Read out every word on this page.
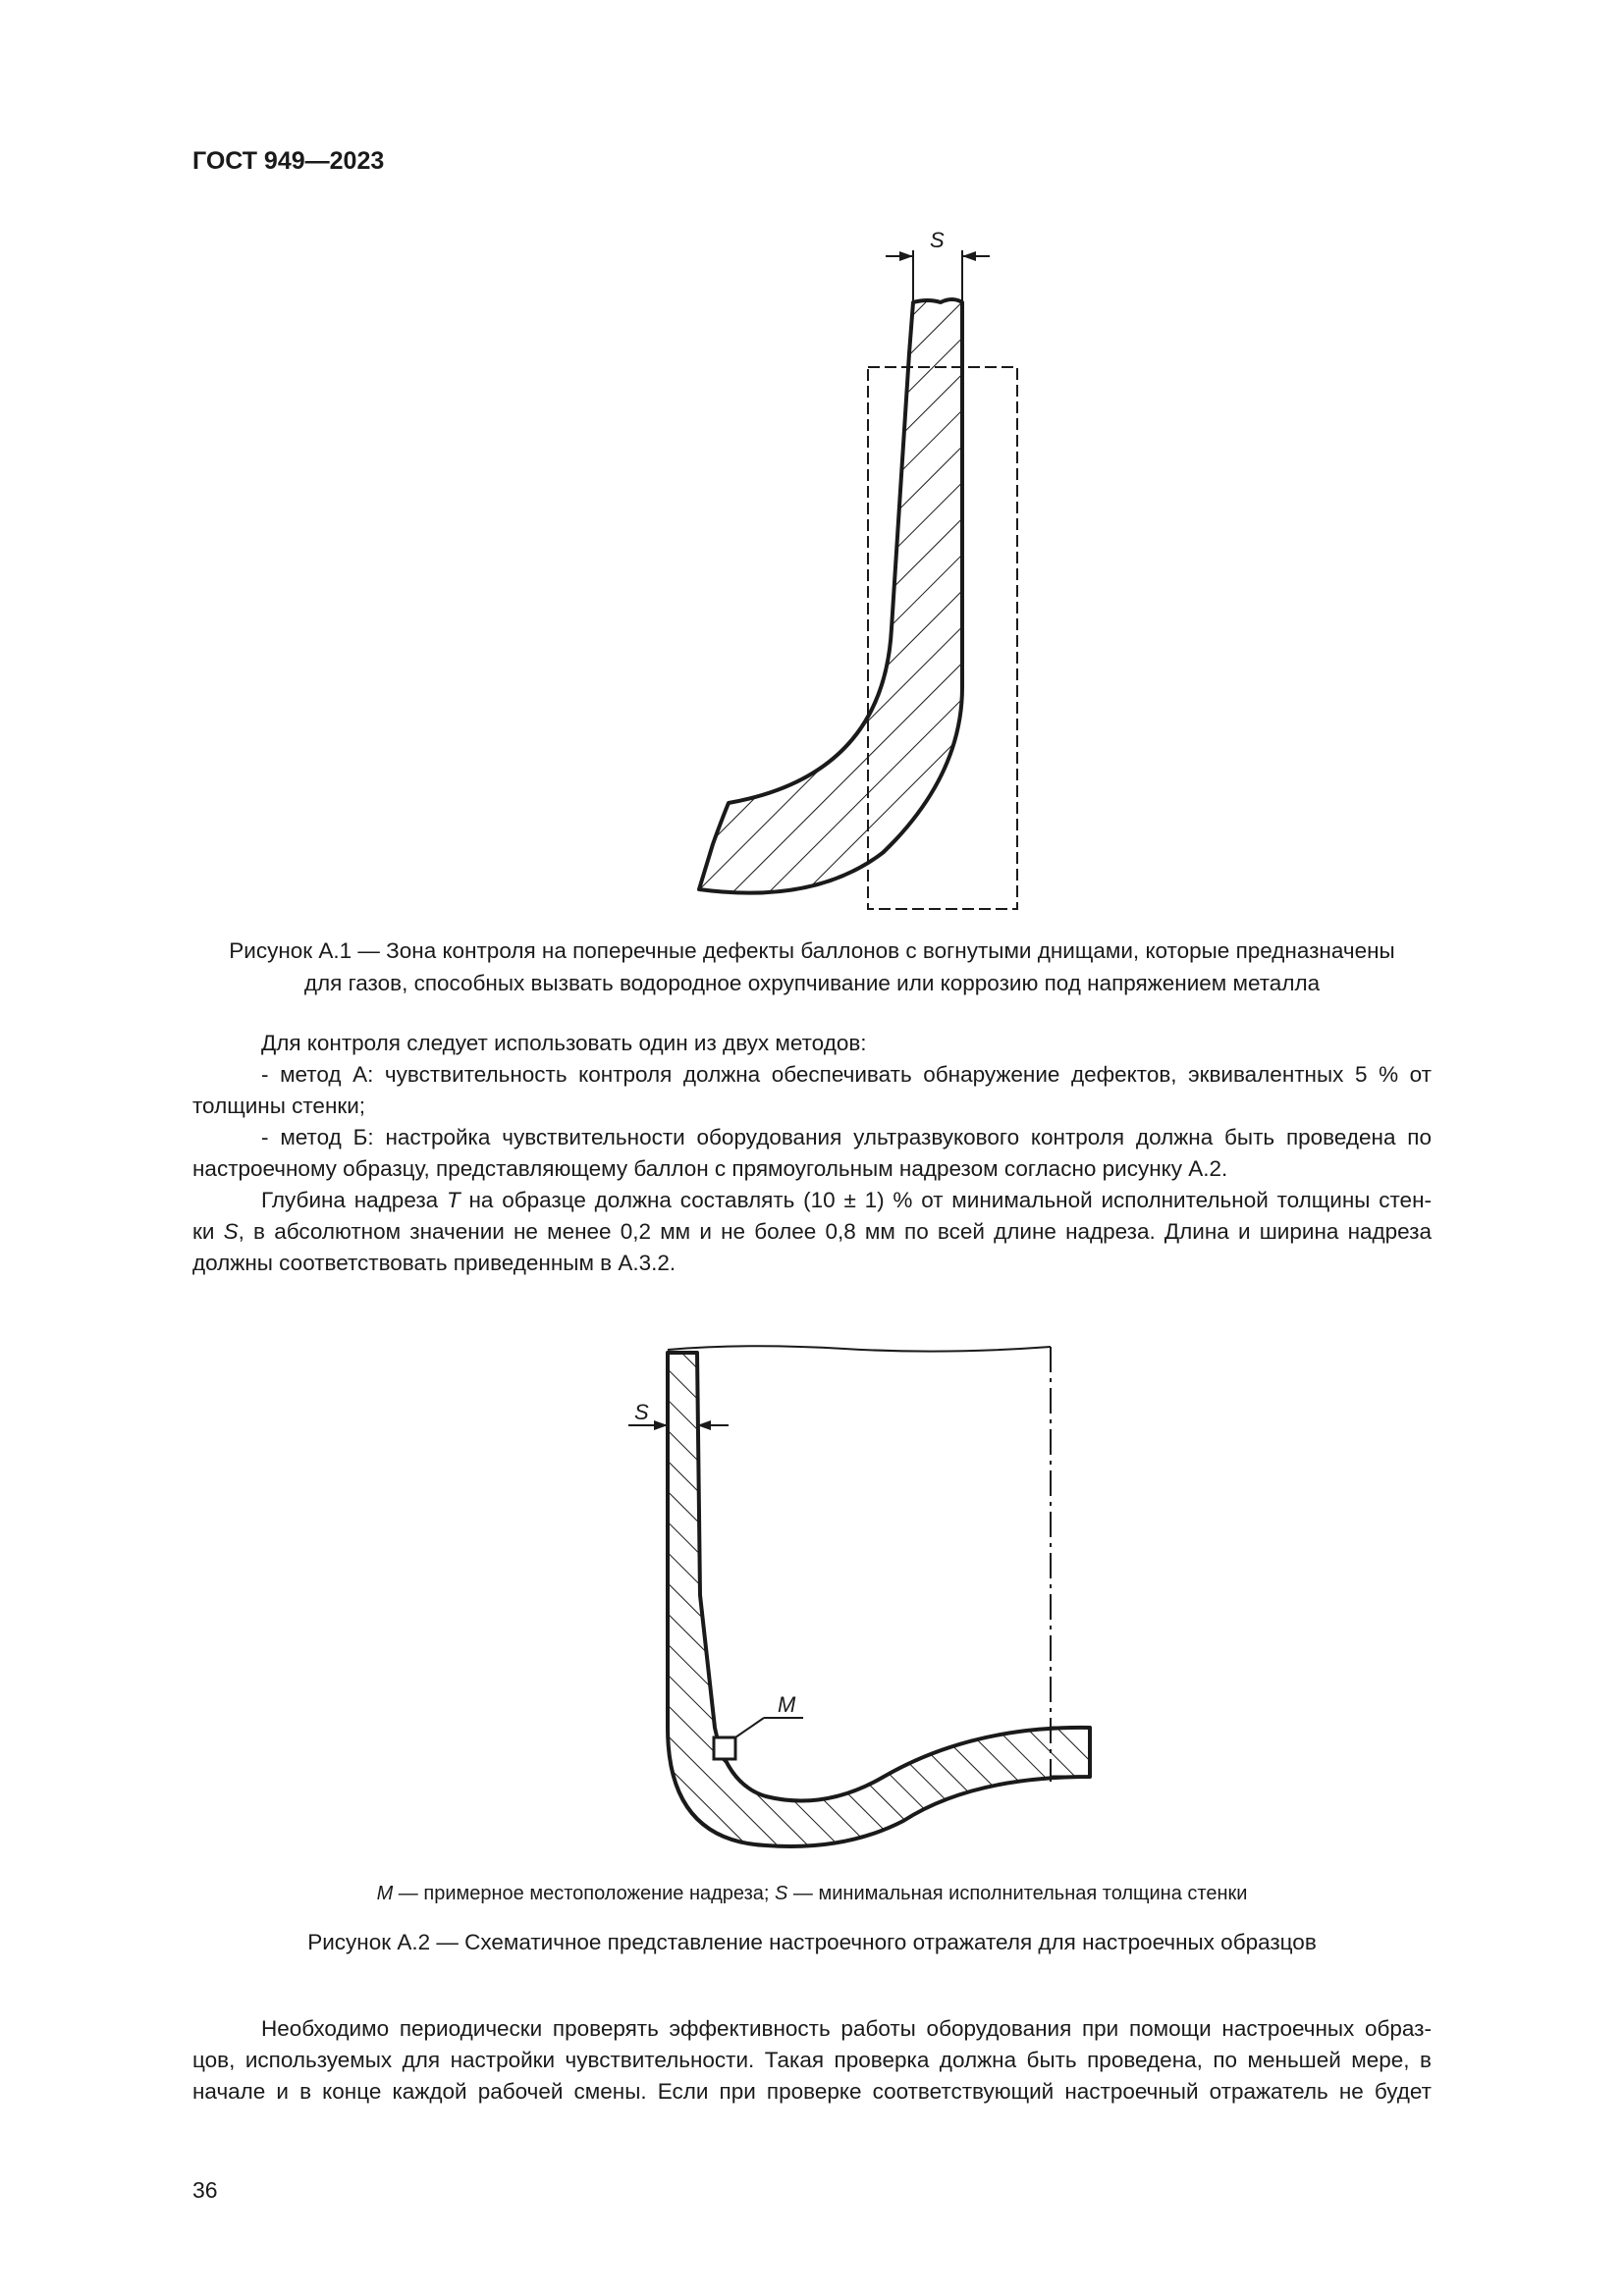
ГОСТ 949—2023
S
Рисунок А.1 — Зона контроля на поперечные дефекты баллонов с вогнутыми днищами, которые предназначены
для газов, способных вызвать водородное охрупчивание или коррозию под напряжением металла

Для контроля следует использовать один из двух методов:

- метод А: чувствительность контроля должна обеспечивать обнаружение дефектов, эквивалентных 5 % от

толщины стенки;

- метод Б: настройка чувствительности оборудования ультразвукового контроля должна быть проведена по

настроечному образцу, представляющему баллон с прямоугольным надрезом согласно рисунку А.2.

Глубина надреза T на образце должна составлять (10 ± 1) % от минимальной исполнительной толщины стен-

ки S, в абсолютном значении не менее 0,2 мм и не более 0,8 мм по всей длине надреза. Длина и ширина надреза

должны соответствовать приведенным в А.3.2.

S
M
M — примерное местоположение надреза; S — минимальная исполнительная толщина стенки
Рисунок А.2 — Схематичное представление настроечного отражателя для настроечных образцов

Необходимо периодически проверять эффективность работы оборудования при помощи настроечных образ-

цов, используемых для настройки чувствительности. Такая проверка должна быть проведена, по меньшей мере, в

начале и в конце каждой рабочей смены. Если при проверке соответствующий настроечный отражатель не будет

36
